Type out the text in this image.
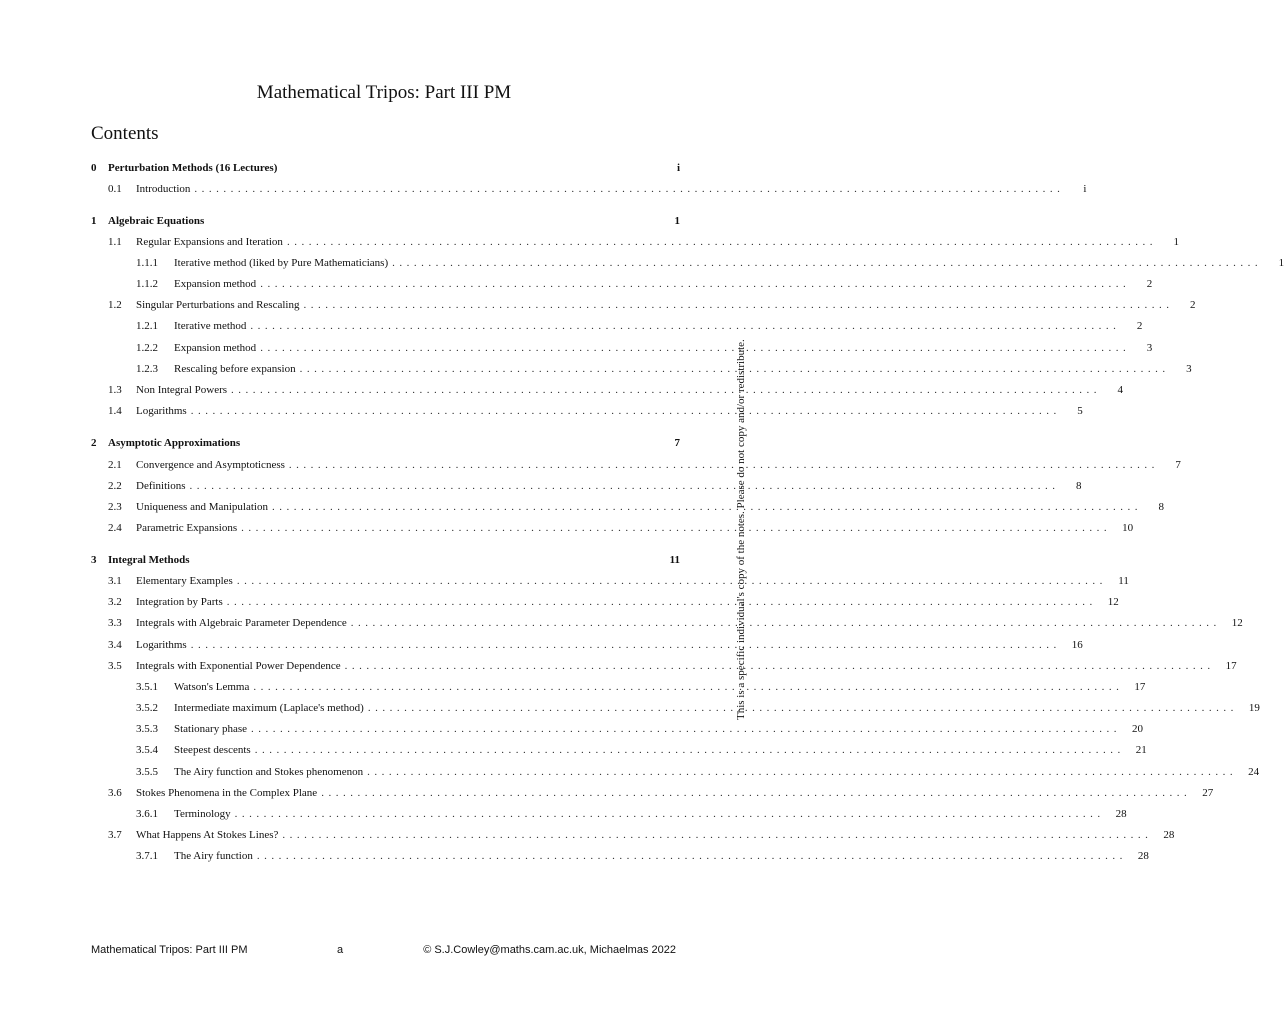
Mathematical Tripos: Part III PM
Contents
0	Perturbation Methods (16 Lectures)	i
0.1	Introduction ........................................................................................................................	i
1	Algebraic Equations	1
1.1	Regular Expansions and Iteration ........................................................................................................................	1
1.1.1	Iterative method (liked by Pure Mathematicians) ........................................................................................................................	1
1.1.2	Expansion method ........................................................................................................................	2
1.2	Singular Perturbations and Rescaling ........................................................................................................................	2
1.2.1	Iterative method ........................................................................................................................	2
1.2.2	Expansion method ........................................................................................................................	3
1.2.3	Rescaling before expansion ........................................................................................................................	3
1.3	Non Integral Powers ........................................................................................................................	4
1.4	Logarithms ........................................................................................................................	5
2	Asymptotic Approximations	7
2.1	Convergence and Asymptoticness ........................................................................................................................	7
2.2	Definitions ........................................................................................................................	8
2.3	Uniqueness and Manipulation ........................................................................................................................	8
2.4	Parametric Expansions ........................................................................................................................	10
3	Integral Methods	11
3.1	Elementary Examples ........................................................................................................................	11
3.2	Integration by Parts ........................................................................................................................	12
3.3	Integrals with Algebraic Parameter Dependence ........................................................................................................................	12
3.4	Logarithms ........................................................................................................................	16
3.5	Integrals with Exponential Power Dependence ........................................................................................................................	17
3.5.1	Watson's Lemma ........................................................................................................................	17
3.5.2	Intermediate maximum (Laplace's method) ........................................................................................................................	19
3.5.3	Stationary phase ........................................................................................................................	20
3.5.4	Steepest descents ........................................................................................................................	21
3.5.5	The Airy function and Stokes phenomenon ........................................................................................................................	24
3.6	Stokes Phenomena in the Complex Plane ........................................................................................................................	27
3.6.1	Terminology ........................................................................................................................	28
3.7	What Happens At Stokes Lines? ........................................................................................................................	28
3.7.1	The Airy function ........................................................................................................................	28
This is a specific individual's copy of the notes. Please do not copy and/or redistribute.
Mathematical Tripos: Part III PM	a	© S.J.Cowley@maths.cam.ac.uk, Michaelmas 2022
